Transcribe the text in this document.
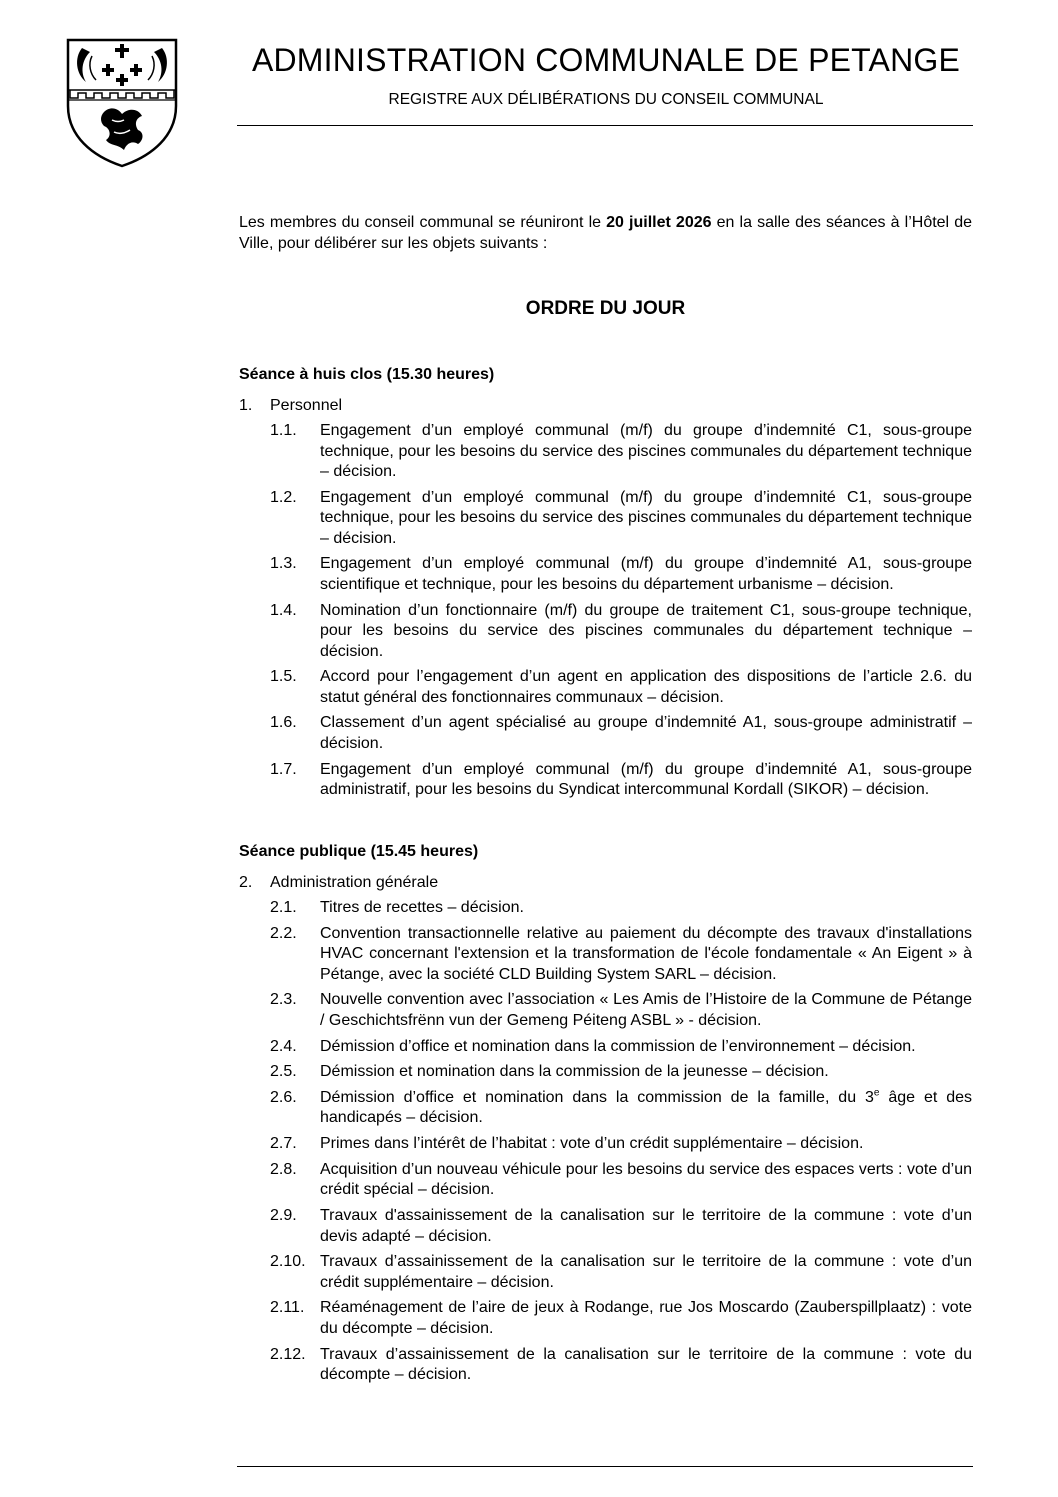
ADMINISTRATION COMMUNALE DE PETANGE
REGISTRE AUX DÉLIBÉRATIONS DU CONSEIL COMMUNAL
Les membres du conseil communal se réuniront le 20 juillet 2026 en la salle des séances à l’Hôtel de Ville, pour délibérer sur les objets suivants :
ORDRE DU JOUR
Séance à huis clos (15.30 heures)
1. Personnel
1.1.	Engagement d’un employé communal (m/f) du groupe d’indemnité C1, sous-groupe technique, pour les besoins du service des piscines communales du département technique – décision.
1.2.	Engagement d’un employé communal (m/f) du groupe d’indemnité C1, sous-groupe technique, pour les besoins du service des piscines communales du département technique – décision.
1.3.	Engagement d’un employé communal (m/f) du groupe d’indemnité A1, sous-groupe scientifique et technique, pour les besoins du département urbanisme – décision.
1.4.	Nomination d’un fonctionnaire (m/f) du groupe de traitement C1, sous-groupe technique, pour les besoins du service des piscines communales du département technique – décision.
1.5.	Accord pour l’engagement d’un agent en application des dispositions de l’article 2.6. du statut général des fonctionnaires communaux – décision.
1.6.	Classement d’un agent spécialisé au groupe d’indemnité A1, sous-groupe administratif – décision.
1.7.	Engagement d’un employé communal (m/f) du groupe d’indemnité A1, sous-groupe administratif, pour les besoins du Syndicat intercommunal Kordall (SIKOR) – décision.
Séance publique (15.45 heures)
2. Administration générale
2.1.	Titres de recettes – décision.
2.2.	Convention transactionnelle relative au paiement du décompte des travaux d'installations HVAC concernant l'extension et la transformation de l'école fondamentale « An Eigent » à Pétange, avec la société CLD Building System SARL – décision.
2.3.	Nouvelle convention avec l’association « Les Amis de l’Histoire de la Commune de Pétange / Geschichtsfrënn vun der Gemeng Péiteng ASBL » - décision.
2.4.	Démission d’office et nomination dans la commission de l’environnement – décision.
2.5.	Démission et nomination dans la commission de la jeunesse – décision.
2.6.	Démission d’office et nomination dans la commission de la famille, du 3e âge et des handicapés – décision.
2.7.	Primes dans l’intérêt de l’habitat : vote d’un crédit supplémentaire – décision.
2.8.	Acquisition d’un nouveau véhicule pour les besoins du service des espaces verts : vote d’un crédit spécial – décision.
2.9.	Travaux d'assainissement de la canalisation sur le territoire de la commune : vote d’un devis adapté – décision.
2.10. Travaux d’assainissement de la canalisation sur le territoire de la commune : vote d’un crédit supplémentaire – décision.
2.11. Réaménagement de l’aire de jeux à Rodange, rue Jos Moscardo (Zauberspillplaatz) : vote du décompte – décision.
2.12. Travaux d’assainissement de la canalisation sur le territoire de la commune : vote du décompte – décision.
